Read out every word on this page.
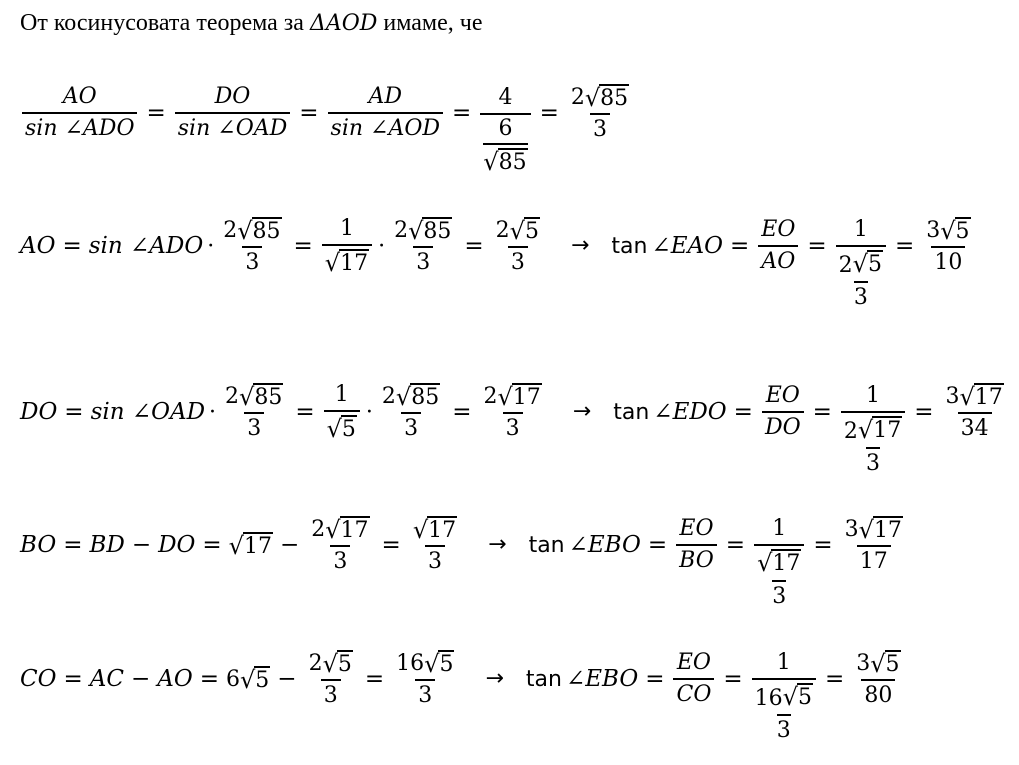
От косинусовата теорема за ΔAOD имаме, че
$\frac{AO}{\text{sin ∠ADO}} = \frac{DO}{\text{sin ∠OAD}} = \frac{AD}{\text{sin ∠AOD}} = \frac{4}{\frac{6}{√ 85}} = \frac{2 √ 85}{3}$
AO = sin ∠ADO · $\frac{2 √ 85}{3} = \frac{1}{√ 17} \cdot \frac{2 √ 85}{3} = \frac{2 √ 5}{3} \to \tan$ ∠EAO = $\frac{EO}{AO} = \frac{1}{\frac{2 √ 5}{3}} = \frac{3 √ 5}{10}$
DO = sin ∠OAD · $\frac{2 √ 85}{3} = \frac{1}{√ 5} \cdot \frac{2 √ 85}{3} = \frac{2 √ 17}{3} \to \tan$ ∠EDO = $\frac{EO}{DO} = \frac{1}{\frac{2 √ 17}{3}} = \frac{3 √ 17}{34}$
BO = BD − DO = √ $17 - \frac{2 √ 17}{3} = \frac{√ 17}{3} \to \tan$ ∠EBO = $\frac{EO}{BO} = \frac{1}{\frac{√ 17}{3}} = \frac{3 √ 17}{17}$
CO = AC − AO = 6 √ $5 - \frac{2 √ 5}{3} = \frac{16 √ 5}{3} \to \tan$ ∠EBO = $\frac{EO}{CO} = \frac{1}{\frac{16 √ 5}{3}} = \frac{3 √ 5}{80}$
